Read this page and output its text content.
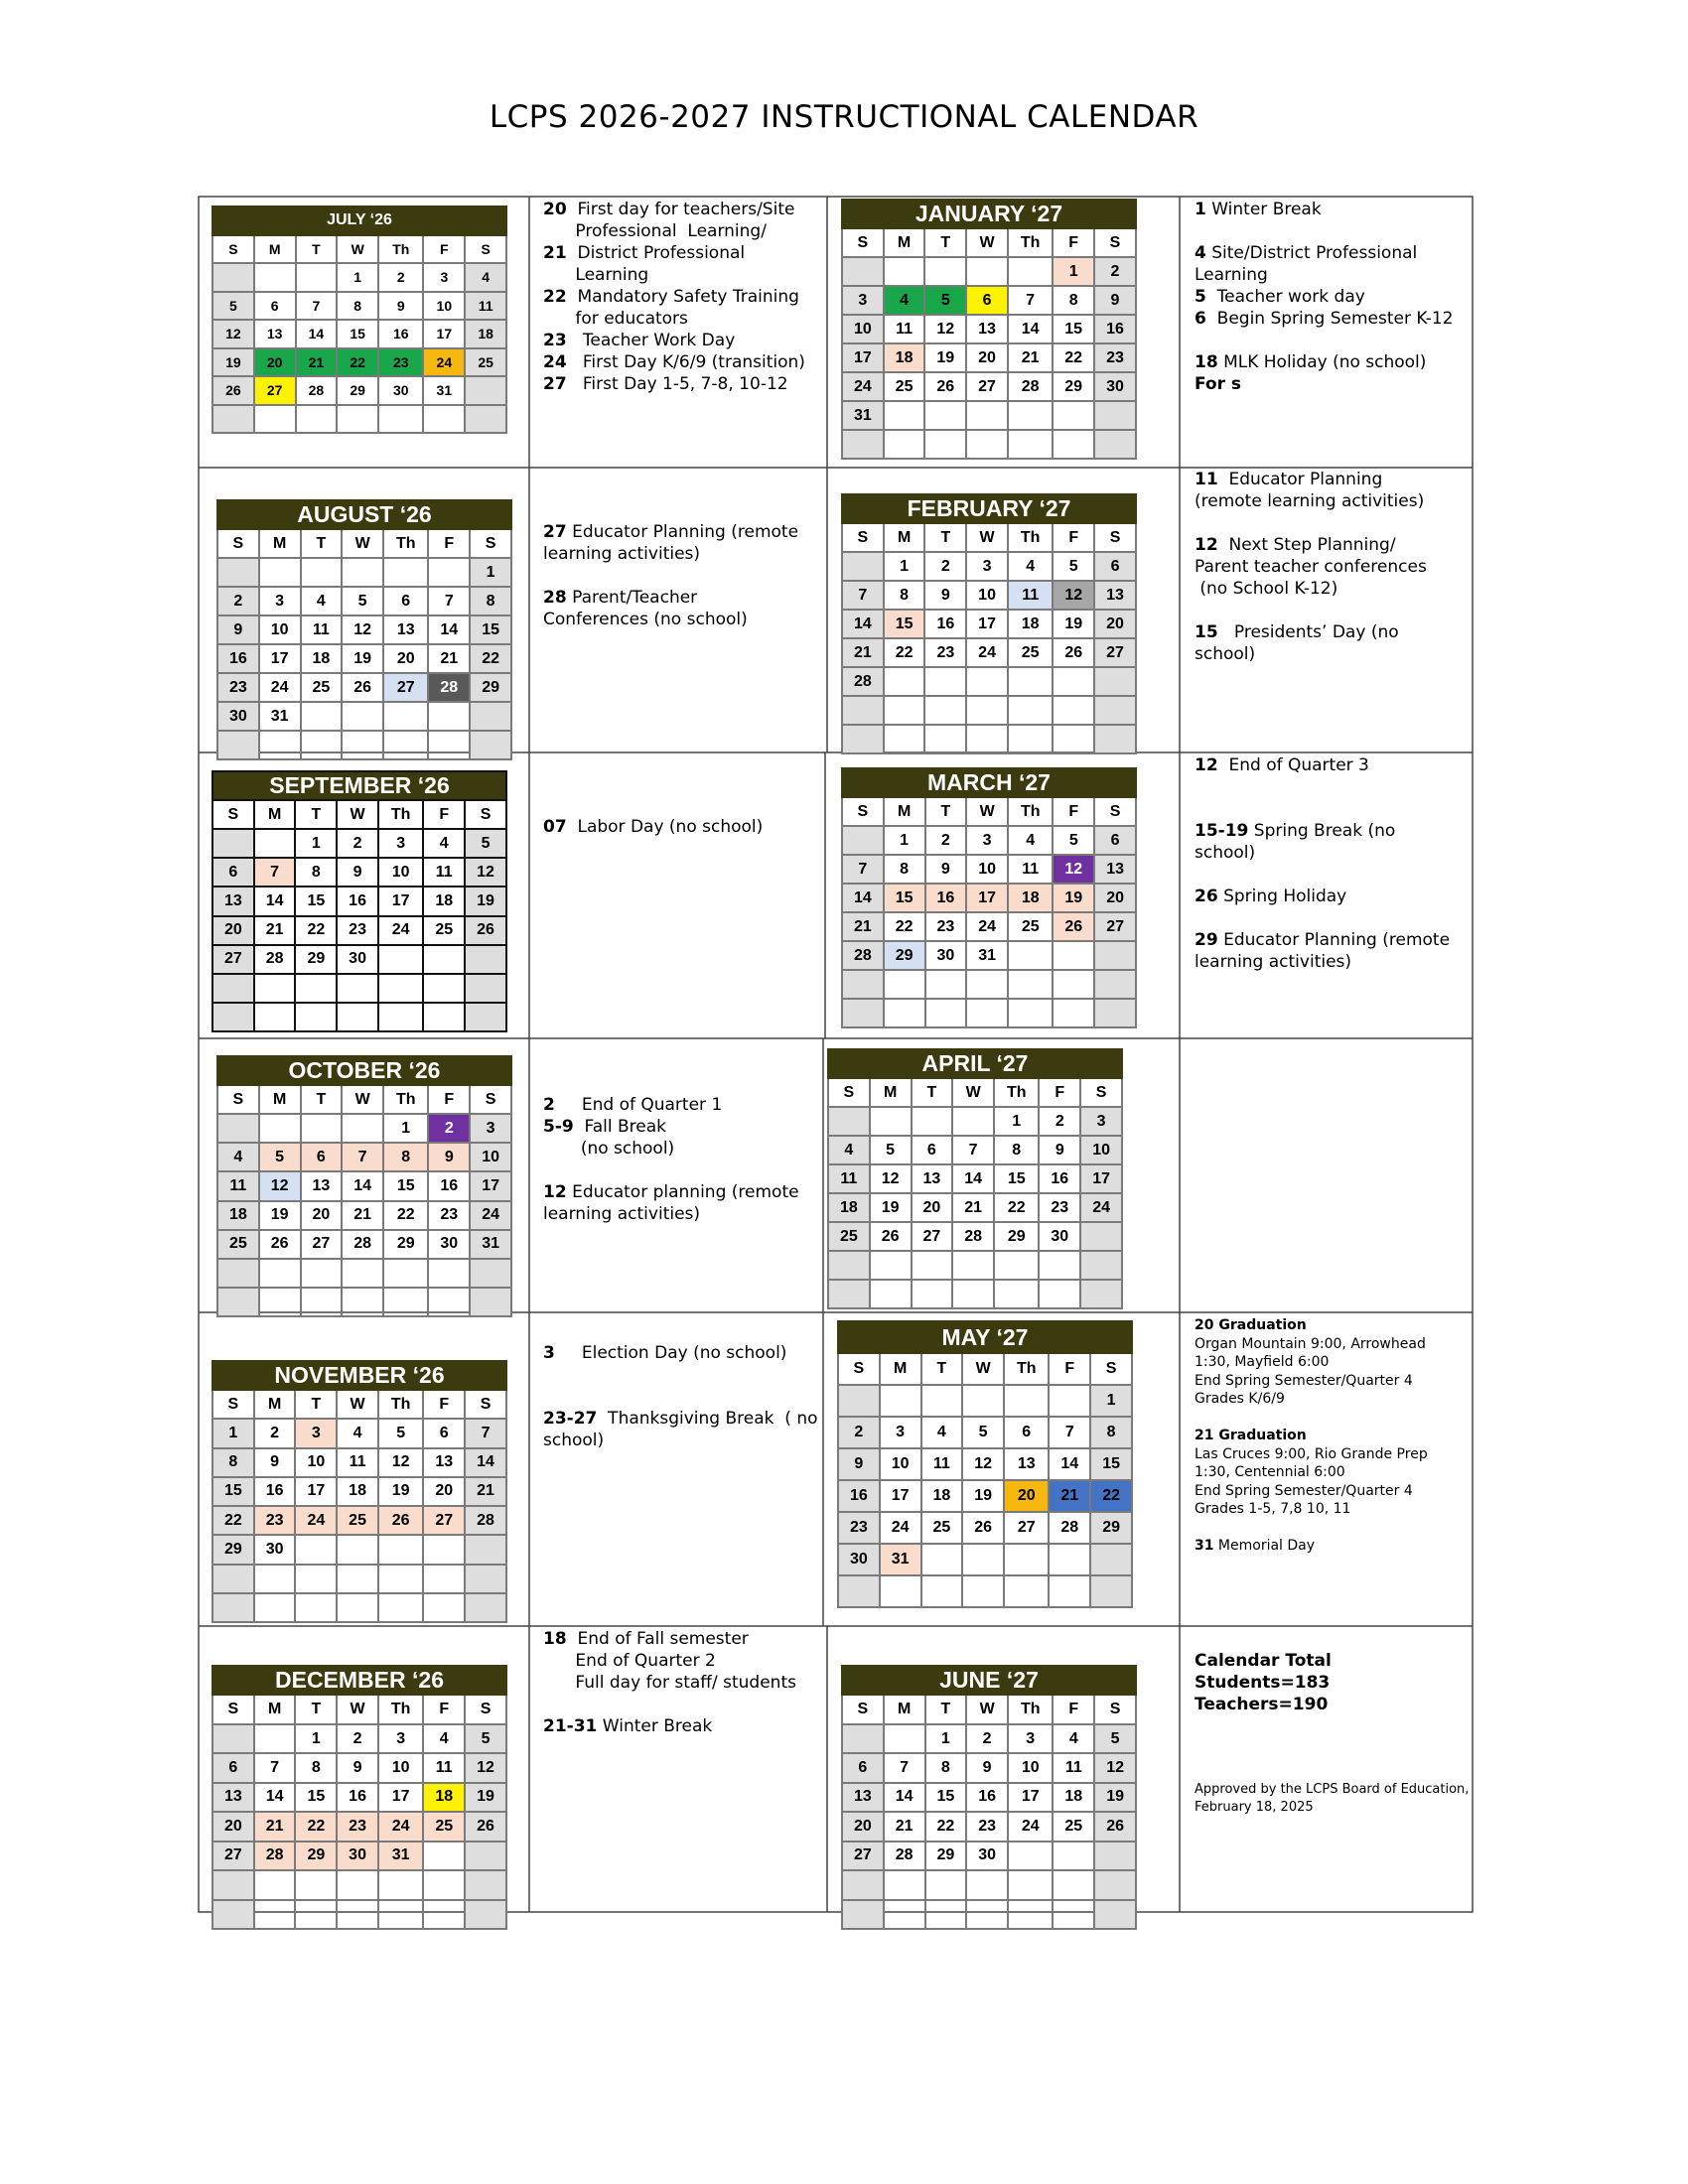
LCPS 2026-2027 INSTRUCTIONAL CALENDAR
JULY ‘26						
S	M	T	W	Th	F	S
			1	2	3	4
5	6	7	8	9	10	11
12	13	14	15	16	17	18
19	20	21	22	23	24	25
26	27	28	29	30	31	

AUGUST ‘26						
S	M	T	W	Th	F	S
						1
2	3	4	5	6	7	8
9	10	11	12	13	14	15
16	17	18	19	20	21	22
23	24	25	26	27	28	29
30	31					

SEPTEMBER ‘26						
S	M	T	W	Th	F	S
		1	2	3	4	5
6	7	8	9	10	11	12
13	14	15	16	17	18	19
20	21	22	23	24	25	26
27	28	29	30			

OCTOBER ‘26						
S	M	T	W	Th	F	S
				1	2	3
4	5	6	7	8	9	10
11	12	13	14	15	16	17
18	19	20	21	22	23	24
25	26	27	28	29	30	31

NOVEMBER ‘26						
S	M	T	W	Th	F	S
1	2	3	4	5	6	7
8	9	10	11	12	13	14
15	16	17	18	19	20	21
22	23	24	25	26	27	28
29	30					

DECEMBER ‘26						
S	M	T	W	Th	F	S
		1	2	3	4	5
6	7	8	9	10	11	12
13	14	15	16	17	18	19
20	21	22	23	24	25	26
27	28	29	30	31		

JANUARY ‘27						
S	M	T	W	Th	F	S
					1	2
3	4	5	6	7	8	9
10	11	12	13	14	15	16
17	18	19	20	21	22	23
24	25	26	27	28	29	30
31						

FEBRUARY ‘27						
S	M	T	W	Th	F	S
	1	2	3	4	5	6
7	8	9	10	11	12	13
14	15	16	17	18	19	20
21	22	23	24	25	26	27
28						

MARCH ‘27						
S	M	T	W	Th	F	S
	1	2	3	4	5	6
7	8	9	10	11	12	13
14	15	16	17	18	19	20
21	22	23	24	25	26	27
28	29	30	31			

APRIL ‘27						
S	M	T	W	Th	F	S
				1	2	3
4	5	6	7	8	9	10
11	12	13	14	15	16	17
18	19	20	21	22	23	24
25	26	27	28	29	30	

MAY ‘27						
S	M	T	W	Th	F	S
						1
2	3	4	5	6	7	8
9	10	11	12	13	14	15
16	17	18	19	20	21	22
23	24	25	26	27	28	29
30	31					

JUNE ‘27						
S	M	T	W	Th	F	S
		1	2	3	4	5
6	7	8	9	10	11	12
13	14	15	16	17	18	19
20	21	22	23	24	25	26
27	28	29	30			

20  First day for teachers/Site
Professional  Learning/
21  District Professional
Learning
22  Mandatory Safety Training
for educators
23   Teacher Work Day
24   First Day K/6/9 (transition)
27   First Day 1-5, 7-8, 10-12
1 Winter Break

4 Site/District Professional
Learning
5  Teacher work day
6  Begin Spring Semester K-12

18 MLK Holiday (no school)
For s
27 Educator Planning (remote
learning activities)

28 Parent/Teacher
Conferences (no school)
11  Educator Planning
(remote learning activities)

12  Next Step Planning/
Parent teacher conferences
(no School K-12)

15   Presidents’ Day (no
school)
07  Labor Day (no school)
12  End of Quarter 3

15-19 Spring Break (no
school)

26 Spring Holiday

29 Educator Planning (remote
learning activities)
2     End of Quarter 1
5-9  Fall Break
(no school)

12 Educator planning (remote
learning activities)
3     Election Day (no school)

23-27  Thanksgiving Break  ( no
school)
20 Graduation
Organ Mountain 9:00, Arrowhead
1:30, Mayfield 6:00
End Spring Semester/Quarter 4
Grades K/6/9

21 Graduation
Las Cruces 9:00, Rio Grande Prep
1:30, Centennial 6:00
End Spring Semester/Quarter 4
Grades 1-5, 7,8 10, 11

31 Memorial Day
18  End of Fall semester
End of Quarter 2
Full day for staff/ students

21-31 Winter Break
Calendar Total
Students=183
Teachers=190

Approved by the LCPS Board of Education,
February 18, 2025
